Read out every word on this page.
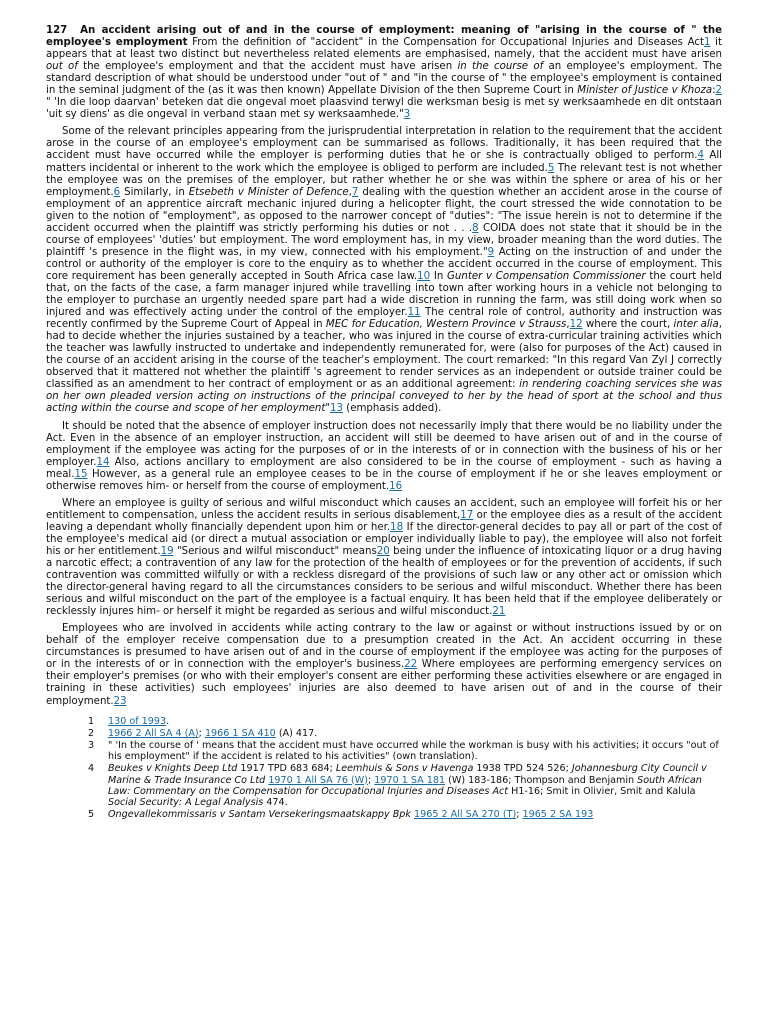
127 An accident arising out of and in the course of employment: meaning of "arising in the course of " the employee's employment From the definition of "accident" in the Compensation for Occupational Injuries and Diseases Act1 it appears that at least two distinct but nevertheless related elements are emphasised, namely, that the accident must have arisen out of the employee's employment and that the accident must have arisen in the course of an employee's employment. The standard description of what should be understood under "out of " and "in the course of " the employee's employment is contained in the seminal judgment of the (as it was then known) Appellate Division of the then Supreme Court in Minister of Justice v Khoza:2 " 'In die loop daarvan' beteken dat die ongeval moet plaasvind terwyl die werksman besig is met sy werksaamhede en dit ontstaan 'uit sy diens' as die ongeval in verband staan met sy werksaamhede."3

Some of the relevant principles appearing from the jurisprudential interpretation in relation to the requirement that the accident arose in the course of an employee's employment can be summarised as follows. Traditionally, it has been required that the accident must have occurred while the employer is performing duties that he or she is contractually obliged to perform.4 All matters incidental or inherent to the work which the employee is obliged to perform are included.5 The relevant test is not whether the employee was on the premises of the employer, but rather whether he or she was within the sphere or area of his or her employment.6 Similarly, in Etsebeth v Minister of Defence,7 dealing with the question whether an accident arose in the course of employment of an apprentice aircraft mechanic injured during a helicopter flight, the court stressed the wide connotation to be given to the notion of "employment", as opposed to the narrower concept of "duties": "The issue herein is not to determine if the accident occurred when the plaintiff was strictly performing his duties or not . . .8 COIDA does not state that it should be in the course of employees' 'duties' but employment. The word employment has, in my view, broader meaning than the word duties. The plaintiff 's presence in the flight was, in my view, connected with his employment."9 Acting on the instruction of and under the control or authority of the employer is core to the enquiry as to whether the accident occurred in the course of employment. This core requirement has been generally accepted in South Africa case law.10 In Gunter v Compensation Commissioner the court held that, on the facts of the case, a farm manager injured while travelling into town after working hours in a vehicle not belonging to the employer to purchase an urgently needed spare part had a wide discretion in running the farm, was still doing work when so injured and was effectively acting under the control of the employer.11 The central role of control, authority and instruction was recently confirmed by the Supreme Court of Appeal in MEC for Education, Western Province v Strauss,12 where the court, inter alia, had to decide whether the injuries sustained by a teacher, who was injured in the course of extra-curricular training activities which the teacher was lawfully instructed to undertake and independently remunerated for, were (also for purposes of the Act) caused in the course of an accident arising in the course of the teacher's employment. The court remarked: "In this regard Van Zyl J correctly observed that it mattered not whether the plaintiff 's agreement to render services as an independent or outside trainer could be classified as an amendment to her contract of employment or as an additional agreement: in rendering coaching services she was on her own pleaded version acting on instructions of the principal conveyed to her by the head of sport at the school and thus acting within the course and scope of her employment"13 (emphasis added).

It should be noted that the absence of employer instruction does not necessarily imply that there would be no liability under the Act. Even in the absence of an employer instruction, an accident will still be deemed to have arisen out of and in the course of employment if the employee was acting for the purposes of or in the interests of or in connection with the business of his or her employer.14 Also, actions ancillary to employment are also considered to be in the course of employment - such as having a meal.15 However, as a general rule an employee ceases to be in the course of employment if he or she leaves employment or otherwise removes him- or herself from the course of employment.16

Where an employee is guilty of serious and wilful misconduct which causes an accident, such an employee will forfeit his or her entitlement to compensation, unless the accident results in serious disablement,17 or the employee dies as a result of the accident leaving a dependant wholly financially dependent upon him or her.18 If the director-general decides to pay all or part of the cost of the employee's medical aid (or direct a mutual association or employer individually liable to pay), the employee will also not forfeit his or her entitlement.19 "Serious and wilful misconduct" means20 being under the influence of intoxicating liquor or a drug having a narcotic effect; a contravention of any law for the protection of the health of employees or for the prevention of accidents, if such contravention was committed wilfully or with a reckless disregard of the provisions of such law or any other act or omission which the director-general having regard to all the circumstances considers to be serious and wilful misconduct. Whether there has been serious and wilful misconduct on the part of the employee is a factual enquiry. It has been held that if the employee deliberately or recklessly injures him- or herself it might be regarded as serious and wilful misconduct.21

Employees who are involved in accidents while acting contrary to the law or against or without instructions issued by or on behalf of the employer receive compensation due to a presumption created in the Act. An accident occurring in these circumstances is presumed to have arisen out of and in the course of employment if the employee was acting for the purposes of or in the interests of or in connection with the employer's business.22 Where employees are performing emergency services on their employer's premises (or who with their employer's consent are either performing these activities elsewhere or are engaged in training in these activities) such employees' injuries are also deemed to have arisen out of and in the course of their employment.23

1 130 of 1993.
2 1966 2 All SA 4 (A); 1966 1 SA 410 (A) 417.
3 " 'In the course of ' means that the accident must have occurred while the workman is busy with his activities; it occurs "out of his employment" if the accident is related to his activities" (own translation).
4 Beukes v Knights Deep Ltd 1917 TPD 683 684; Leemhuis & Sons v Havenga 1938 TPD 524 526; Johannesburg City Council v Marine & Trade Insurance Co Ltd 1970 1 All SA 76 (W); 1970 1 SA 181 (W) 183-186; Thompson and Benjamin South African Law: Commentary on the Compensation for Occupational Injuries and Diseases Act H1-16; Smit in Olivier, Smit and Kalula Social Security: A Legal Analysis 474.
5 Ongevallekommissaris v Santam Versekeringsmaatskappy Bpk 1965 2 All SA 270 (T); 1965 2 SA 193
